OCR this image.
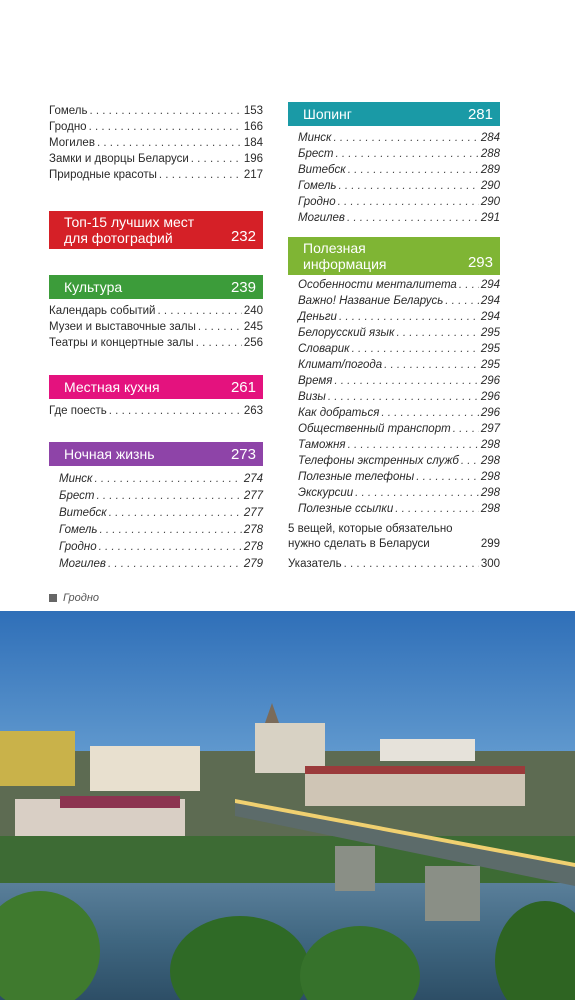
Гомель . . .	153
Гродно . . .	166
Могилев . . .	184
Замки и дворцы Беларуси . . .	196
Природные красоты . . .	217
Топ-15 лучших мест
для фотографий	232
Культура	239
Календарь событий . . .	240
Музеи и выставочные залы . . .	245
Театры и концертные залы . . .	256
Местная кухня	261
Где поесть . . .	263
Ночная жизнь	273
Минск . . .	274
Брест . . .	277
Витебск . . .	277
Гомель . . .	278
Гродно . . .	278
Могилев . . .	279
Шопинг	281
Минск . . .	284
Брест . . .	288
Витебск . . .	289
Гомель . . .	290
Гродно . . .	290
Могилев . . .	291
Полезная
информация	293
Особенности менталитета . . . 294
Важно! Название Беларусь . . .	294
Деньги . . .	294
Белорусский язык . . .	295
Словарик . . .	295
Климат/погода . . .	295
Время . . .	296
Визы . . .	296
Как добраться . . .	296
Общественный транспорт . . .	297
Таможня . . .	298
Телефоны экстренных служб . . . 298
Полезные телефоны . . .	298
Экскурсии . . .	298
Полезные ссылки . . .	298
5 вещей, которые обязательно
нужно сделать в Беларуси	299
Указатель . . .	300
Гродно
